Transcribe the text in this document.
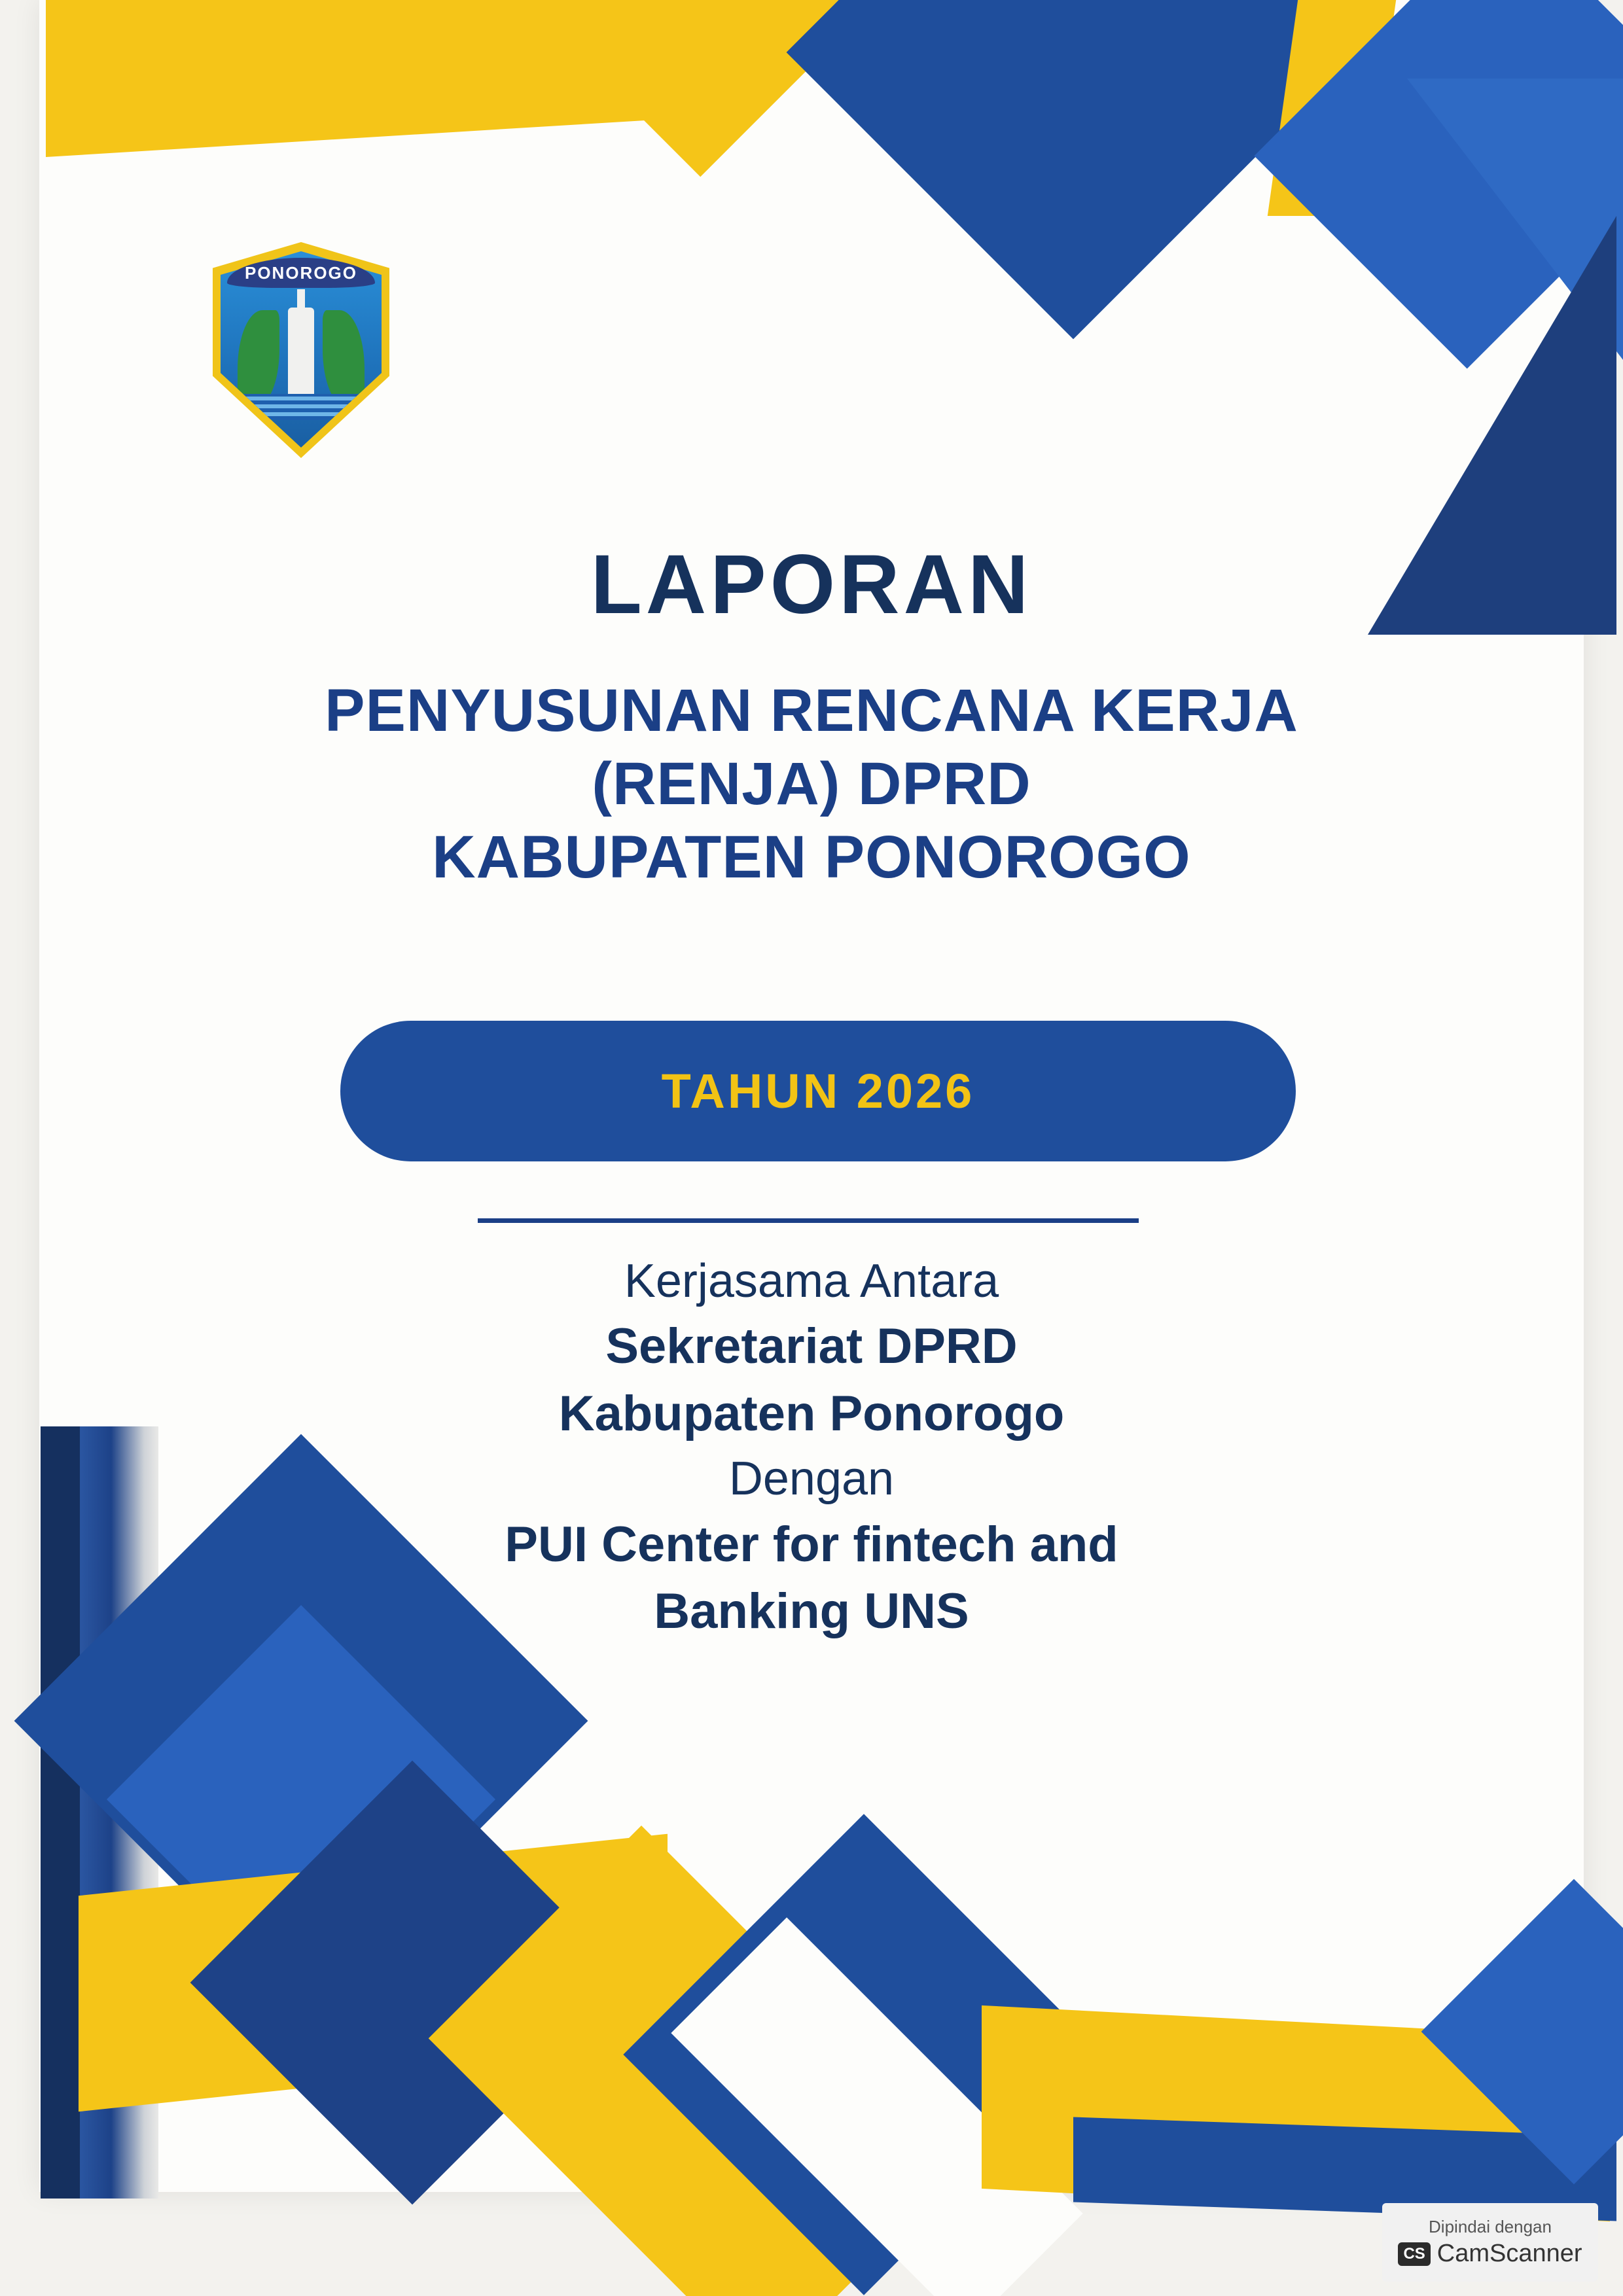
PONOROGO
LAPORAN
PENYUSUNAN RENCANA KERJA
(RENJA) DPRD
KABUPATEN PONOROGO
TAHUN 2026
Kerjasama Antara
Sekretariat DPRD
Kabupaten Ponorogo
Dengan
PUI Center for fintech and
Banking UNS
Dipindai dengan
CS CamScanner
